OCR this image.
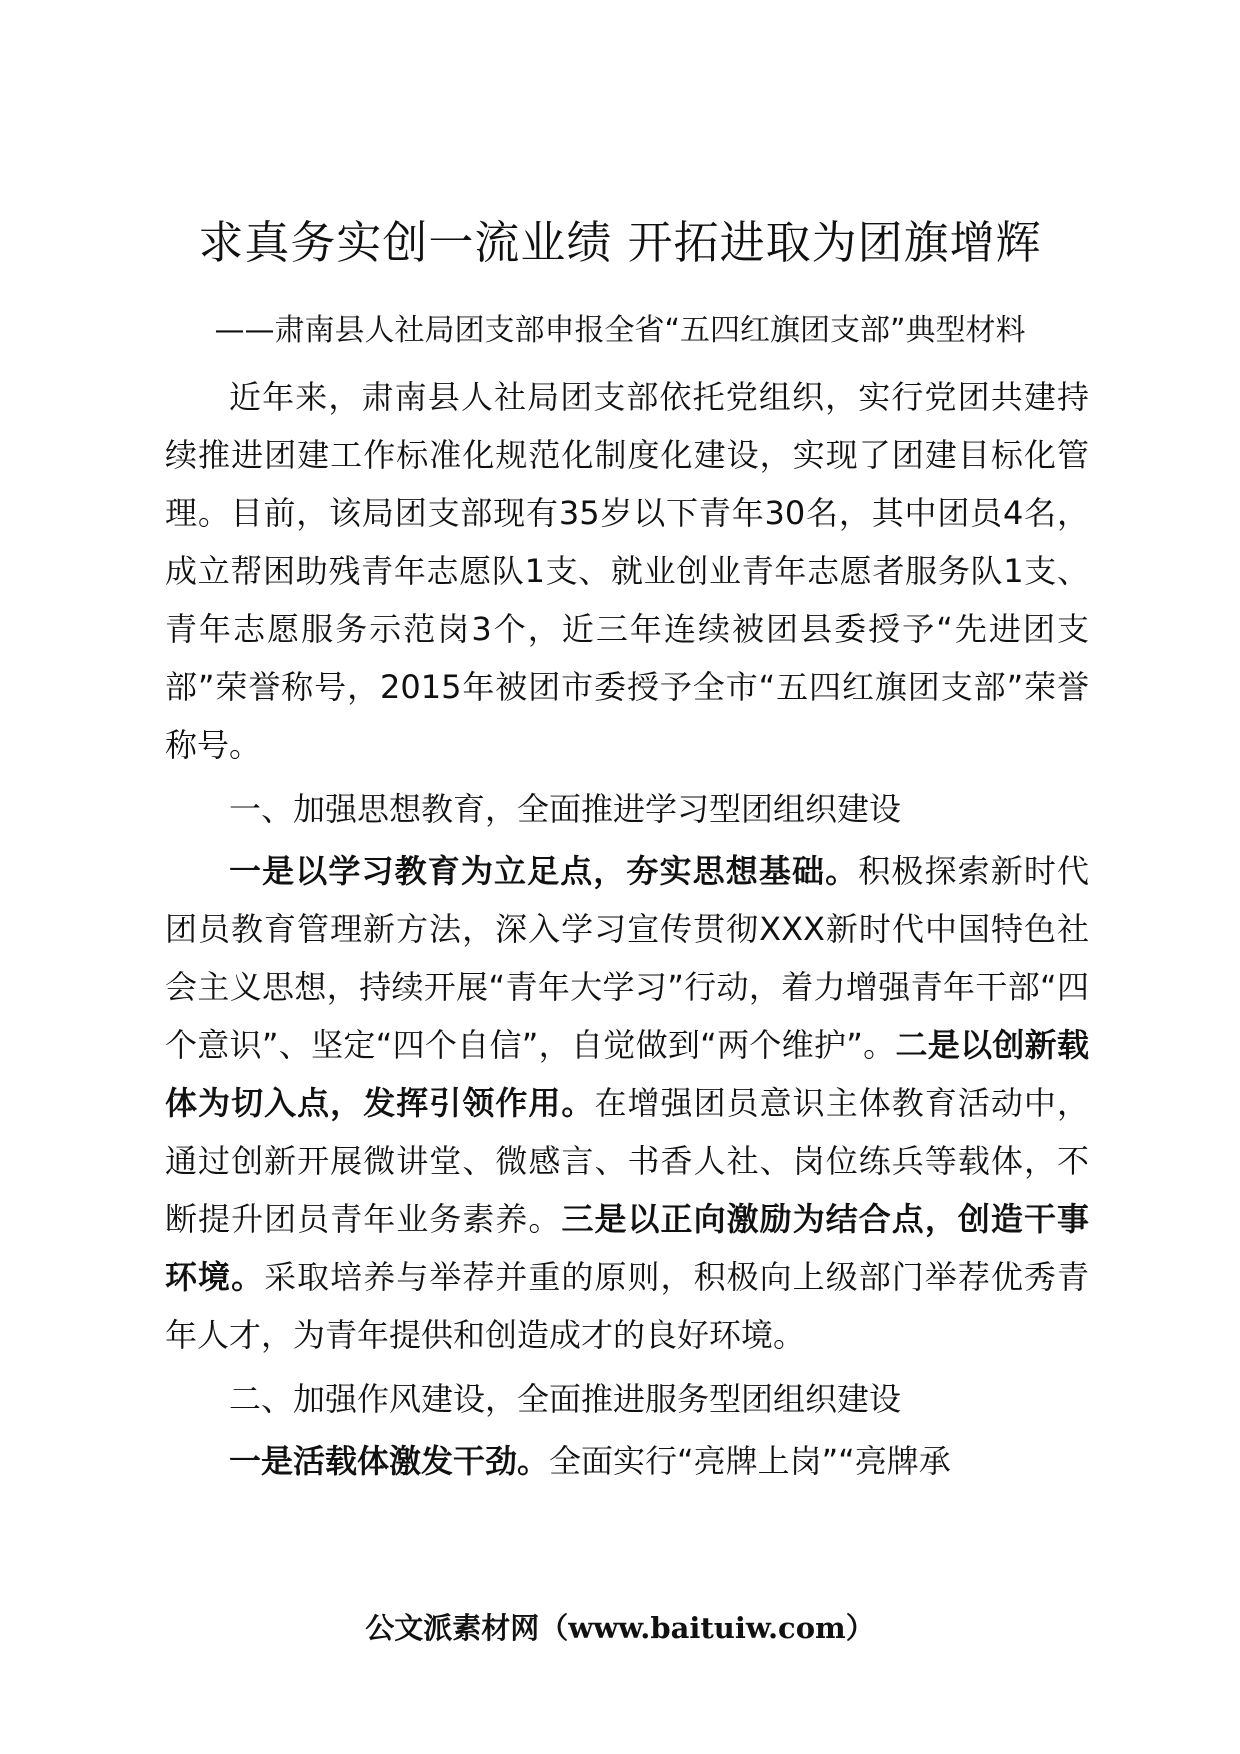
求真务实创一流业绩 开拓进取为团旗增辉

——肃南县人社局团支部申报全省“五四红旗团支部”典型材料

近年来，肃南县人社局团支部依托党组织，实行党团共建持续推进团建工作标准化规范化制度化建设，实现了团建目标化管理。目前，该局团支部现有35岁以下青年30名，其中团员4名，成立帮困助残青年志愿队1支、就业创业青年志愿者服务队1支、青年志愿服务示范岗3个，近三年连续被团县委授予“先进团支部”荣誉称号，2015年被团市委授予全市“五四红旗团支部”荣誉称号。

一、加强思想教育，全面推进学习型团组织建设

一是以学习教育为立足点，夯实思想基础。积极探索新时代团员教育管理新方法，深入学习宣传贯彻XXX新时代中国特色社会主义思想，持续开展“青年大学习”行动，着力增强青年干部“四个意识”、坚定“四个自信”，自觉做到“两个维护”。二是以创新载体为切入点，发挥引领作用。在增强团员意识主体教育活动中，通过创新开展微讲堂、微感言、书香人社、岗位练兵等载体，不断提升团员青年业务素养。三是以正向激励为结合点，创造干事环境。采取培养与举荐并重的原则，积极向上级部门举荐优秀青年人才，为青年提供和创造成才的良好环境。

二、加强作风建设，全面推进服务型团组织建设

一是活载体激发干劲。全面实行“亮牌上岗”“亮牌承

公文派素材网（www.baituiw.com）
